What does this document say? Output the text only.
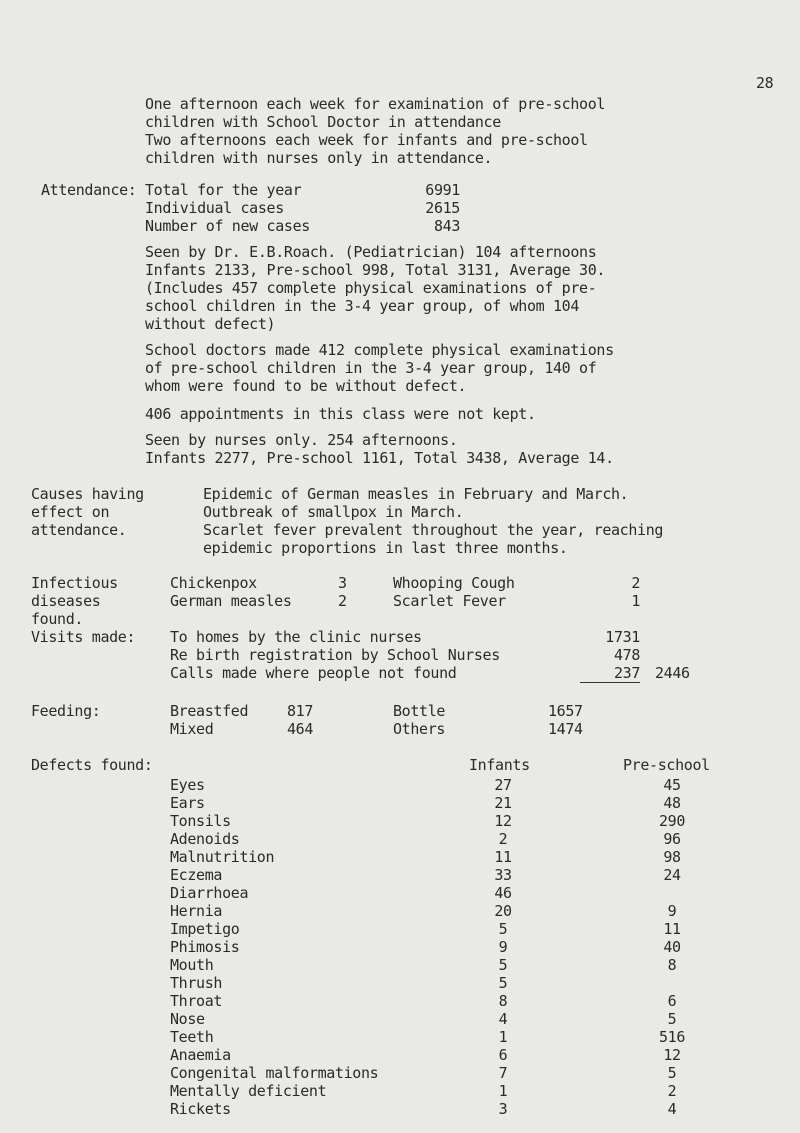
28
One afternoon each week for examination of pre-school
children with School Doctor in attendance
Two afternoons each week for infants and pre-school
children with nurses only in attendance.
Attendance: Total for the year	6991
Individual cases	2615
Number of new cases	843
Seen by Dr. E.B.Roach. (Pediatrician) 104 afternoons
Infants 2133, Pre-school 998, Total 3131, Average 30.
(Includes 457 complete physical examinations of pre-
school children in the 3-4 year group, of whom 104
without defect)
School doctors made 412 complete physical examinations
of pre-school children in the 3-4 year group, 140 of
whom were found to be without defect.
406 appointments in this class were not kept.
Seen by nurses only. 254 afternoons.
Infants 2277, Pre-school 1161, Total 3438, Average 14.
Causes having
effect on
attendance.
Epidemic of German measles in February and March.
Outbreak of smallpox in March.
Scarlet fever prevalent throughout the year, reaching
epidemic proportions in last three months.
Infectious
diseases
found.
Chickenpox	3	Whooping Cough	2
German measles	2	Scarlet Fever	1
Visits made: To homes by the clinic nurses	1731
Re birth registration by School Nurses	478
Calls made where people not found	237 2446
Feeding:	Breastfed	817	Bottle	1657
Mixed	464	Others	1474
Defects found:	Infants	Pre-school
Eyes	27	45
Ears	21	48
Tonsils	12	290
Adenoids	2	96
Malnutrition	11	98
Eczema	33	24
Diarrhoea	46
Hernia	20	9
Impetigo	5	11
Phimosis	9	40
Mouth	5	8
Thrush	5
Throat	8	6
Nose	4	5
Teeth	1	516
Anaemia	6	12
Congenital malformations	7	5
Mentally deficient	1	2
Rickets	3	4
